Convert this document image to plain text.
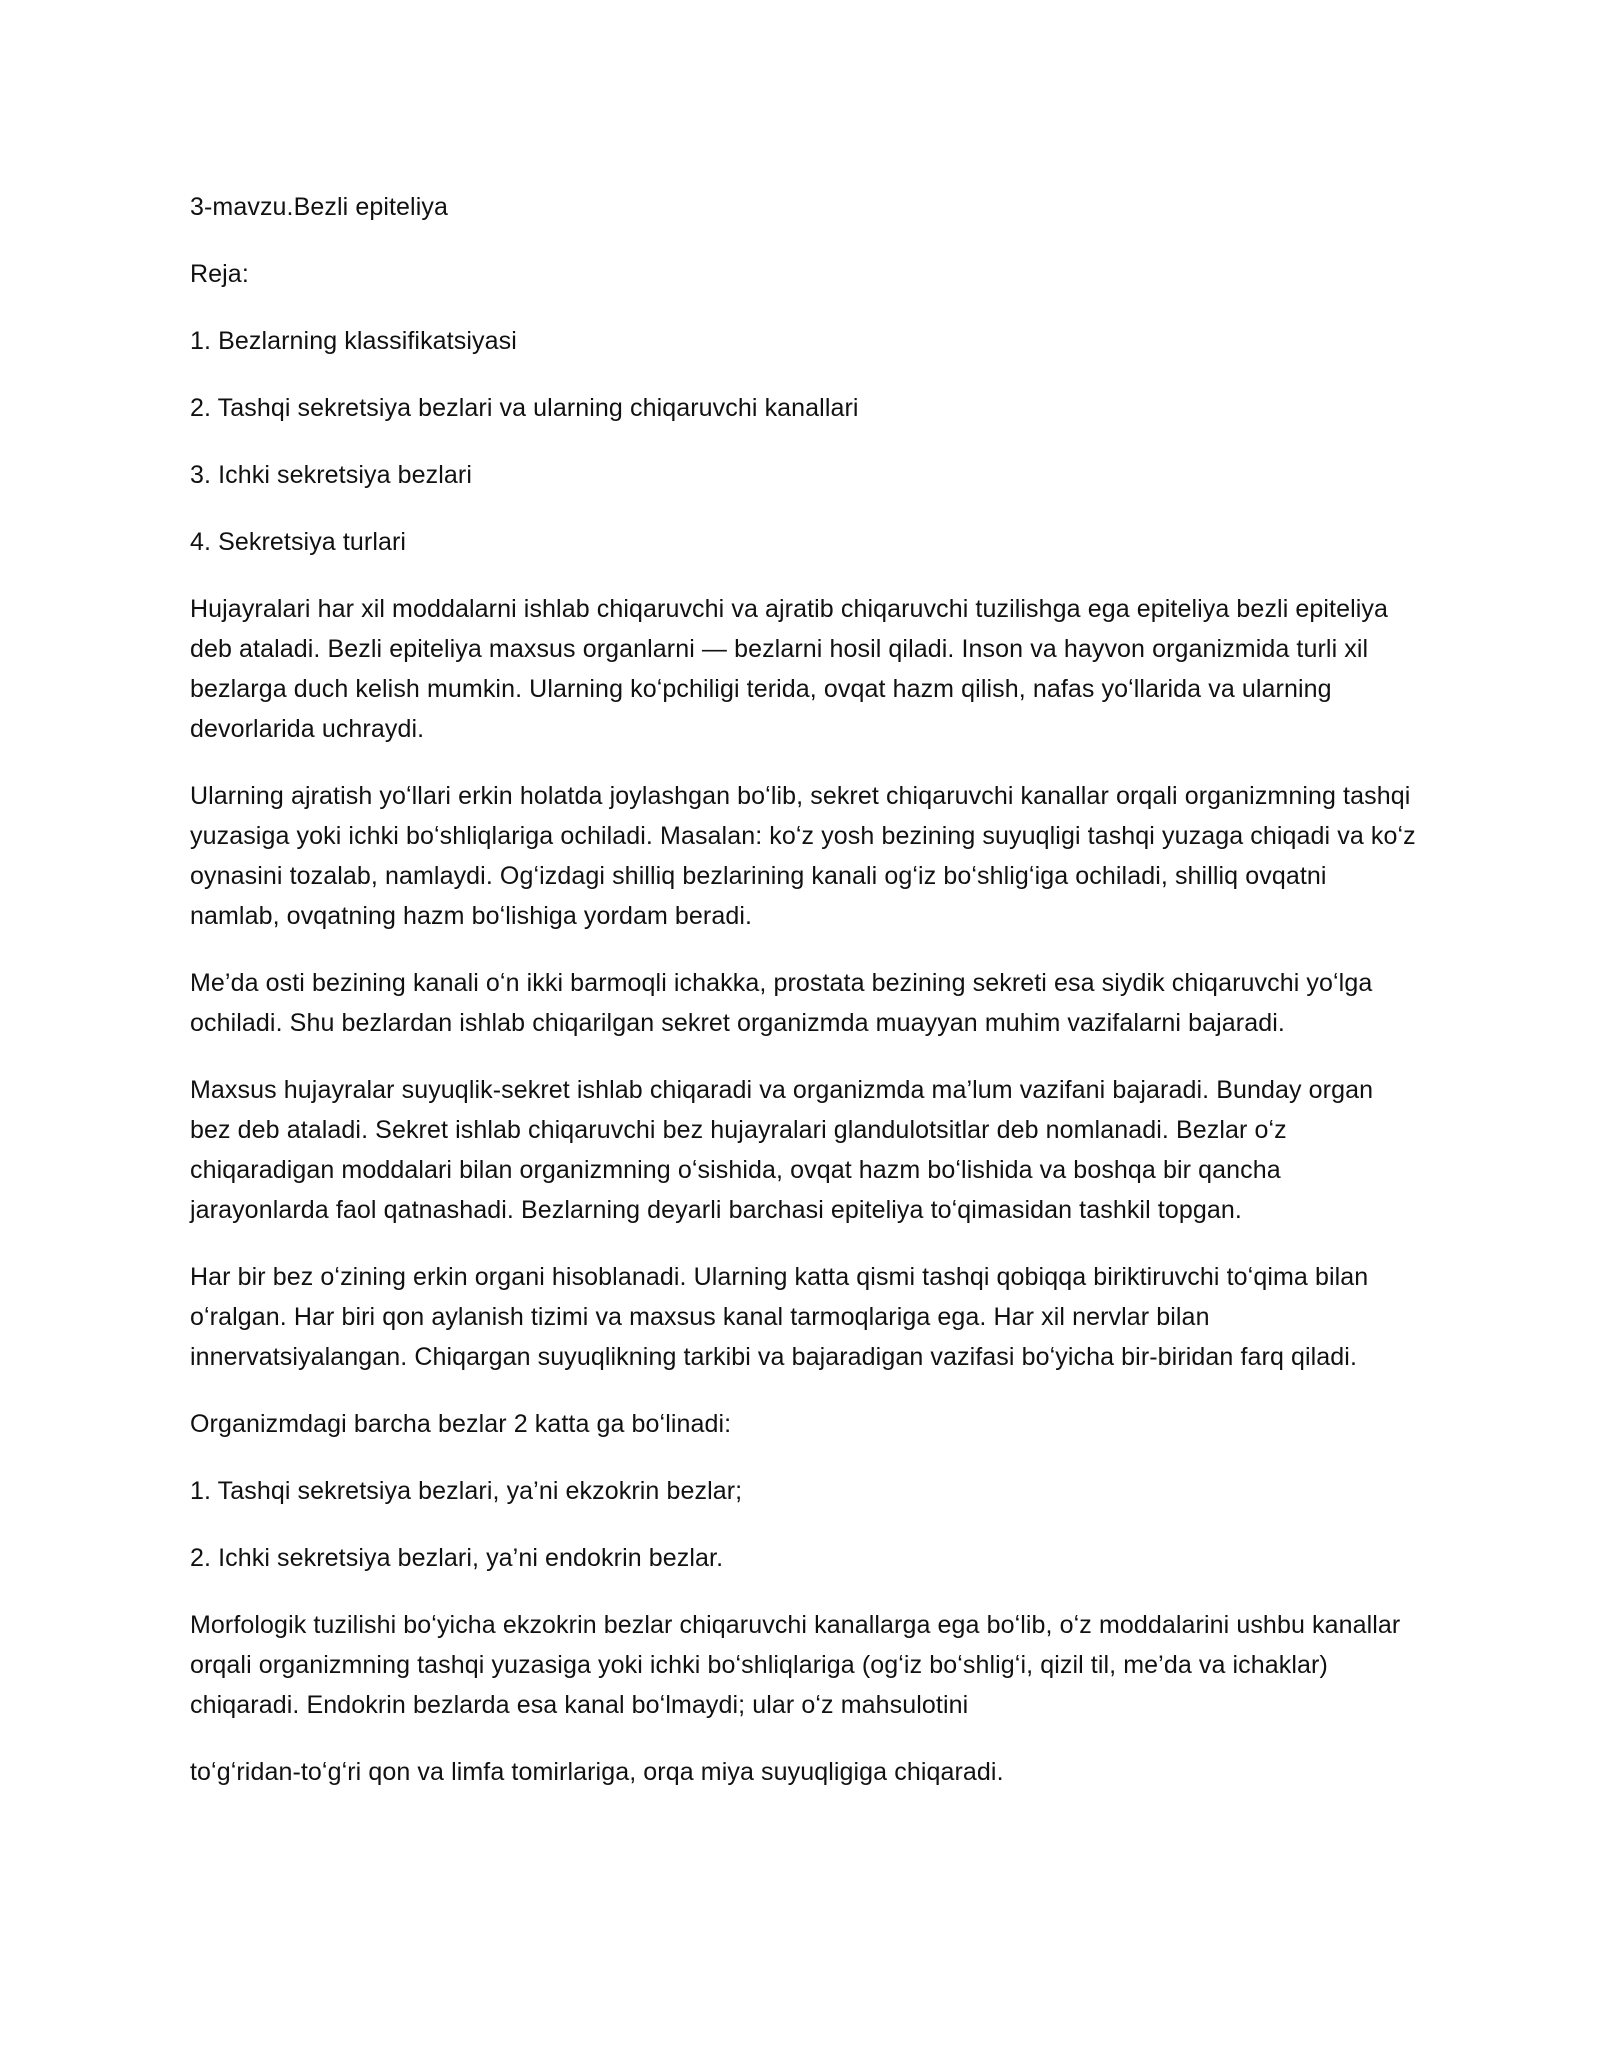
3-mavzu.Bezli epiteliya

Reja:

1. Bezlarning klassifikatsiyasi

2. Tashqi sekretsiya bezlari va ularning chiqaruvchi kanallari

3. Ichki sekretsiya bezlari

4. Sekretsiya turlari

Hujayralari har xil moddalarni ishlab chiqaruvchi va ajratib chiqaruvchi tuzilishga ega epiteliya bezli epiteliya deb ataladi. Bezli epiteliya maxsus organlarni — bezlarni hosil qiladi. Inson va hayvon organizmida turli xil bezlarga duch kelish mumkin. Ularning koʻpchiligi terida, ovqat hazm qilish, nafas yoʻllarida va ularning devorlarida uchraydi.

Ularning ajratish yoʻllari erkin holatda joylashgan boʻlib, sekret chiqaruvchi kanallar orqali organizmning tashqi yuzasiga yoki ichki boʻshliqlariga ochiladi. Masalan: koʻz yosh bezining suyuqligi tashqi yuzaga chiqadi va koʻz oynasini tozalab, namlaydi. Ogʻizdagi shilliq bezlarining kanali ogʻiz boʻshligʻiga ochiladi, shilliq ovqatni namlab, ovqatning hazm boʻlishiga yordam beradi.

Me’da osti bezining kanali oʻn ikki barmoqli ichakka, prostata bezining sekreti esa siydik chiqaruvchi yoʻlga ochiladi. Shu bezlardan ishlab chiqarilgan sekret organizmda muayyan muhim vazifalarni bajaradi.

Maxsus hujayralar suyuqlik-sekret ishlab chiqaradi va organizmda ma’lum vazifani bajaradi. Bunday organ bez deb ataladi. Sekret ishlab chiqaruvchi bez hujayralari glandulotsitlar deb nomlanadi. Bezlar oʻz chiqaradigan moddalari bilan organizmning oʻsishida, ovqat hazm boʻlishida va boshqa bir qancha jarayonlarda faol qatnashadi. Bezlarning deyarli barchasi epiteliya toʻqimasidan tashkil topgan.

Har bir bez oʻzining erkin organi hisoblanadi. Ularning katta qismi tashqi qobiqqa biriktiruvchi toʻqima bilan oʻralgan. Har biri qon aylanish tizimi va maxsus kanal tarmoqlariga ega. Har xil nervlar bilan innervatsiyalangan. Chiqargan suyuqlikning tarkibi va bajaradigan vazifasi boʻyicha bir-biridan farq qiladi.

Organizmdagi barcha bezlar 2 katta ga boʻlinadi:

1. Tashqi sekretsiya bezlari, ya’ni ekzokrin bezlar;

2. Ichki sekretsiya bezlari, ya’ni endokrin bezlar.

Morfologik tuzilishi boʻyicha ekzokrin bezlar chiqaruvchi kanallarga ega boʻlib, oʻz moddalarini ushbu kanallar orqali organizmning tashqi yuzasiga yoki ichki boʻshliqlariga (ogʻiz boʻshligʻi, qizil til, me’da va ichaklar) chiqaradi. Endokrin bezlarda esa kanal boʻlmaydi; ular oʻz mahsulotini

toʻgʻridan-toʻgʻri qon va limfa tomirlariga, orqa miya suyuqligiga chiqaradi.
